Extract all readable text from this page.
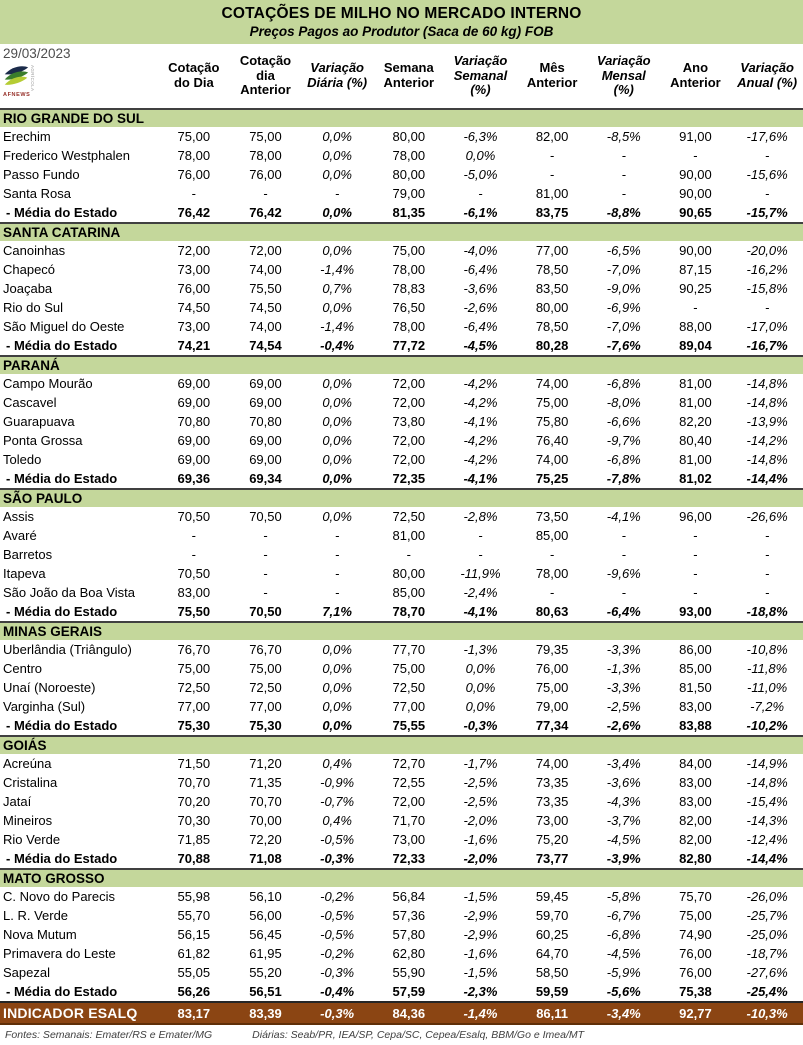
COTAÇÕES DE MILHO NO MERCADO INTERNO
Preços Pagos ao Produtor (Saca de 60 kg) FOB
29/03/2023
AGRÍCOLA
AFNEWS	Cotação do Dia	Cotação dia Anterior	Variação Diária (%)	Semana Anterior	Variação Semanal (%)	Mês Anterior	Variação Mensal (%)	Ano Anterior	Variação Anual (%)
RIO GRANDE DO SUL									
Erechim	75,00	75,00	0,0%	80,00	-6,3%	82,00	-8,5%	91,00	-17,6%
Frederico Westphalen	78,00	78,00	0,0%	78,00	0,0%	-	-	-	-
Passo Fundo	76,00	76,00	0,0%	80,00	-5,0%	-	-	90,00	-15,6%
Santa Rosa	-	-	-	79,00	-	81,00	-	90,00	-
- Média do Estado	76,42	76,42	0,0%	81,35	-6,1%	83,75	-8,8%	90,65	-15,7%
SANTA CATARINA									
Canoinhas	72,00	72,00	0,0%	75,00	-4,0%	77,00	-6,5%	90,00	-20,0%
Chapecó	73,00	74,00	-1,4%	78,00	-6,4%	78,50	-7,0%	87,15	-16,2%
Joaçaba	76,00	75,50	0,7%	78,83	-3,6%	83,50	-9,0%	90,25	-15,8%
Rio do Sul	74,50	74,50	0,0%	76,50	-2,6%	80,00	-6,9%	-	-
São Miguel do Oeste	73,00	74,00	-1,4%	78,00	-6,4%	78,50	-7,0%	88,00	-17,0%
- Média do Estado	74,21	74,54	-0,4%	77,72	-4,5%	80,28	-7,6%	89,04	-16,7%
PARANÁ									
Campo Mourão	69,00	69,00	0,0%	72,00	-4,2%	74,00	-6,8%	81,00	-14,8%
Cascavel	69,00	69,00	0,0%	72,00	-4,2%	75,00	-8,0%	81,00	-14,8%
Guarapuava	70,80	70,80	0,0%	73,80	-4,1%	75,80	-6,6%	82,20	-13,9%
Ponta Grossa	69,00	69,00	0,0%	72,00	-4,2%	76,40	-9,7%	80,40	-14,2%
Toledo	69,00	69,00	0,0%	72,00	-4,2%	74,00	-6,8%	81,00	-14,8%
- Média do Estado	69,36	69,34	0,0%	72,35	-4,1%	75,25	-7,8%	81,02	-14,4%
SÃO PAULO									
Assis	70,50	70,50	0,0%	72,50	-2,8%	73,50	-4,1%	96,00	-26,6%
Avaré	-	-	-	81,00	-	85,00	-	-	-
Barretos	-	-	-	-	-	-	-	-	-
Itapeva	70,50	-	-	80,00	-11,9%	78,00	-9,6%	-	-
São João da Boa Vista	83,00	-	-	85,00	-2,4%	-	-	-	-
- Média do Estado	75,50	70,50	7,1%	78,70	-4,1%	80,63	-6,4%	93,00	-18,8%
MINAS GERAIS									
Uberlândia (Triângulo)	76,70	76,70	0,0%	77,70	-1,3%	79,35	-3,3%	86,00	-10,8%
Centro	75,00	75,00	0,0%	75,00	0,0%	76,00	-1,3%	85,00	-11,8%
Unaí (Noroeste)	72,50	72,50	0,0%	72,50	0,0%	75,00	-3,3%	81,50	-11,0%
Varginha (Sul)	77,00	77,00	0,0%	77,00	0,0%	79,00	-2,5%	83,00	-7,2%
- Média do Estado	75,30	75,30	0,0%	75,55	-0,3%	77,34	-2,6%	83,88	-10,2%
GOIÁS									
Acreúna	71,50	71,20	0,4%	72,70	-1,7%	74,00	-3,4%	84,00	-14,9%
Cristalina	70,70	71,35	-0,9%	72,55	-2,5%	73,35	-3,6%	83,00	-14,8%
Jataí	70,20	70,70	-0,7%	72,00	-2,5%	73,35	-4,3%	83,00	-15,4%
Mineiros	70,30	70,00	0,4%	71,70	-2,0%	73,00	-3,7%	82,00	-14,3%
Rio Verde	71,85	72,20	-0,5%	73,00	-1,6%	75,20	-4,5%	82,00	-12,4%
- Média do Estado	70,88	71,08	-0,3%	72,33	-2,0%	73,77	-3,9%	82,80	-14,4%
MATO GROSSO									
C. Novo do Parecis	55,98	56,10	-0,2%	56,84	-1,5%	59,45	-5,8%	75,70	-26,0%
L. R. Verde	55,70	56,00	-0,5%	57,36	-2,9%	59,70	-6,7%	75,00	-25,7%
Nova Mutum	56,15	56,45	-0,5%	57,80	-2,9%	60,25	-6,8%	74,90	-25,0%
Primavera do Leste	61,82	61,95	-0,2%	62,80	-1,6%	64,70	-4,5%	76,00	-18,7%
Sapezal	55,05	55,20	-0,3%	55,90	-1,5%	58,50	-5,9%	76,00	-27,6%
- Média do Estado	56,26	56,51	-0,4%	57,59	-2,3%	59,59	-5,6%	75,38	-25,4%
INDICADOR ESALQ	83,17	83,39	-0,3%	84,36	-1,4%	86,11	-3,4%	92,77	-10,3%
Fontes: Semanais: Emater/RS e Emater/MG	Diárias: Seab/PR, IEA/SP, Cepa/SC, Cepea/Esalq, BBM/Go e Imea/MT
